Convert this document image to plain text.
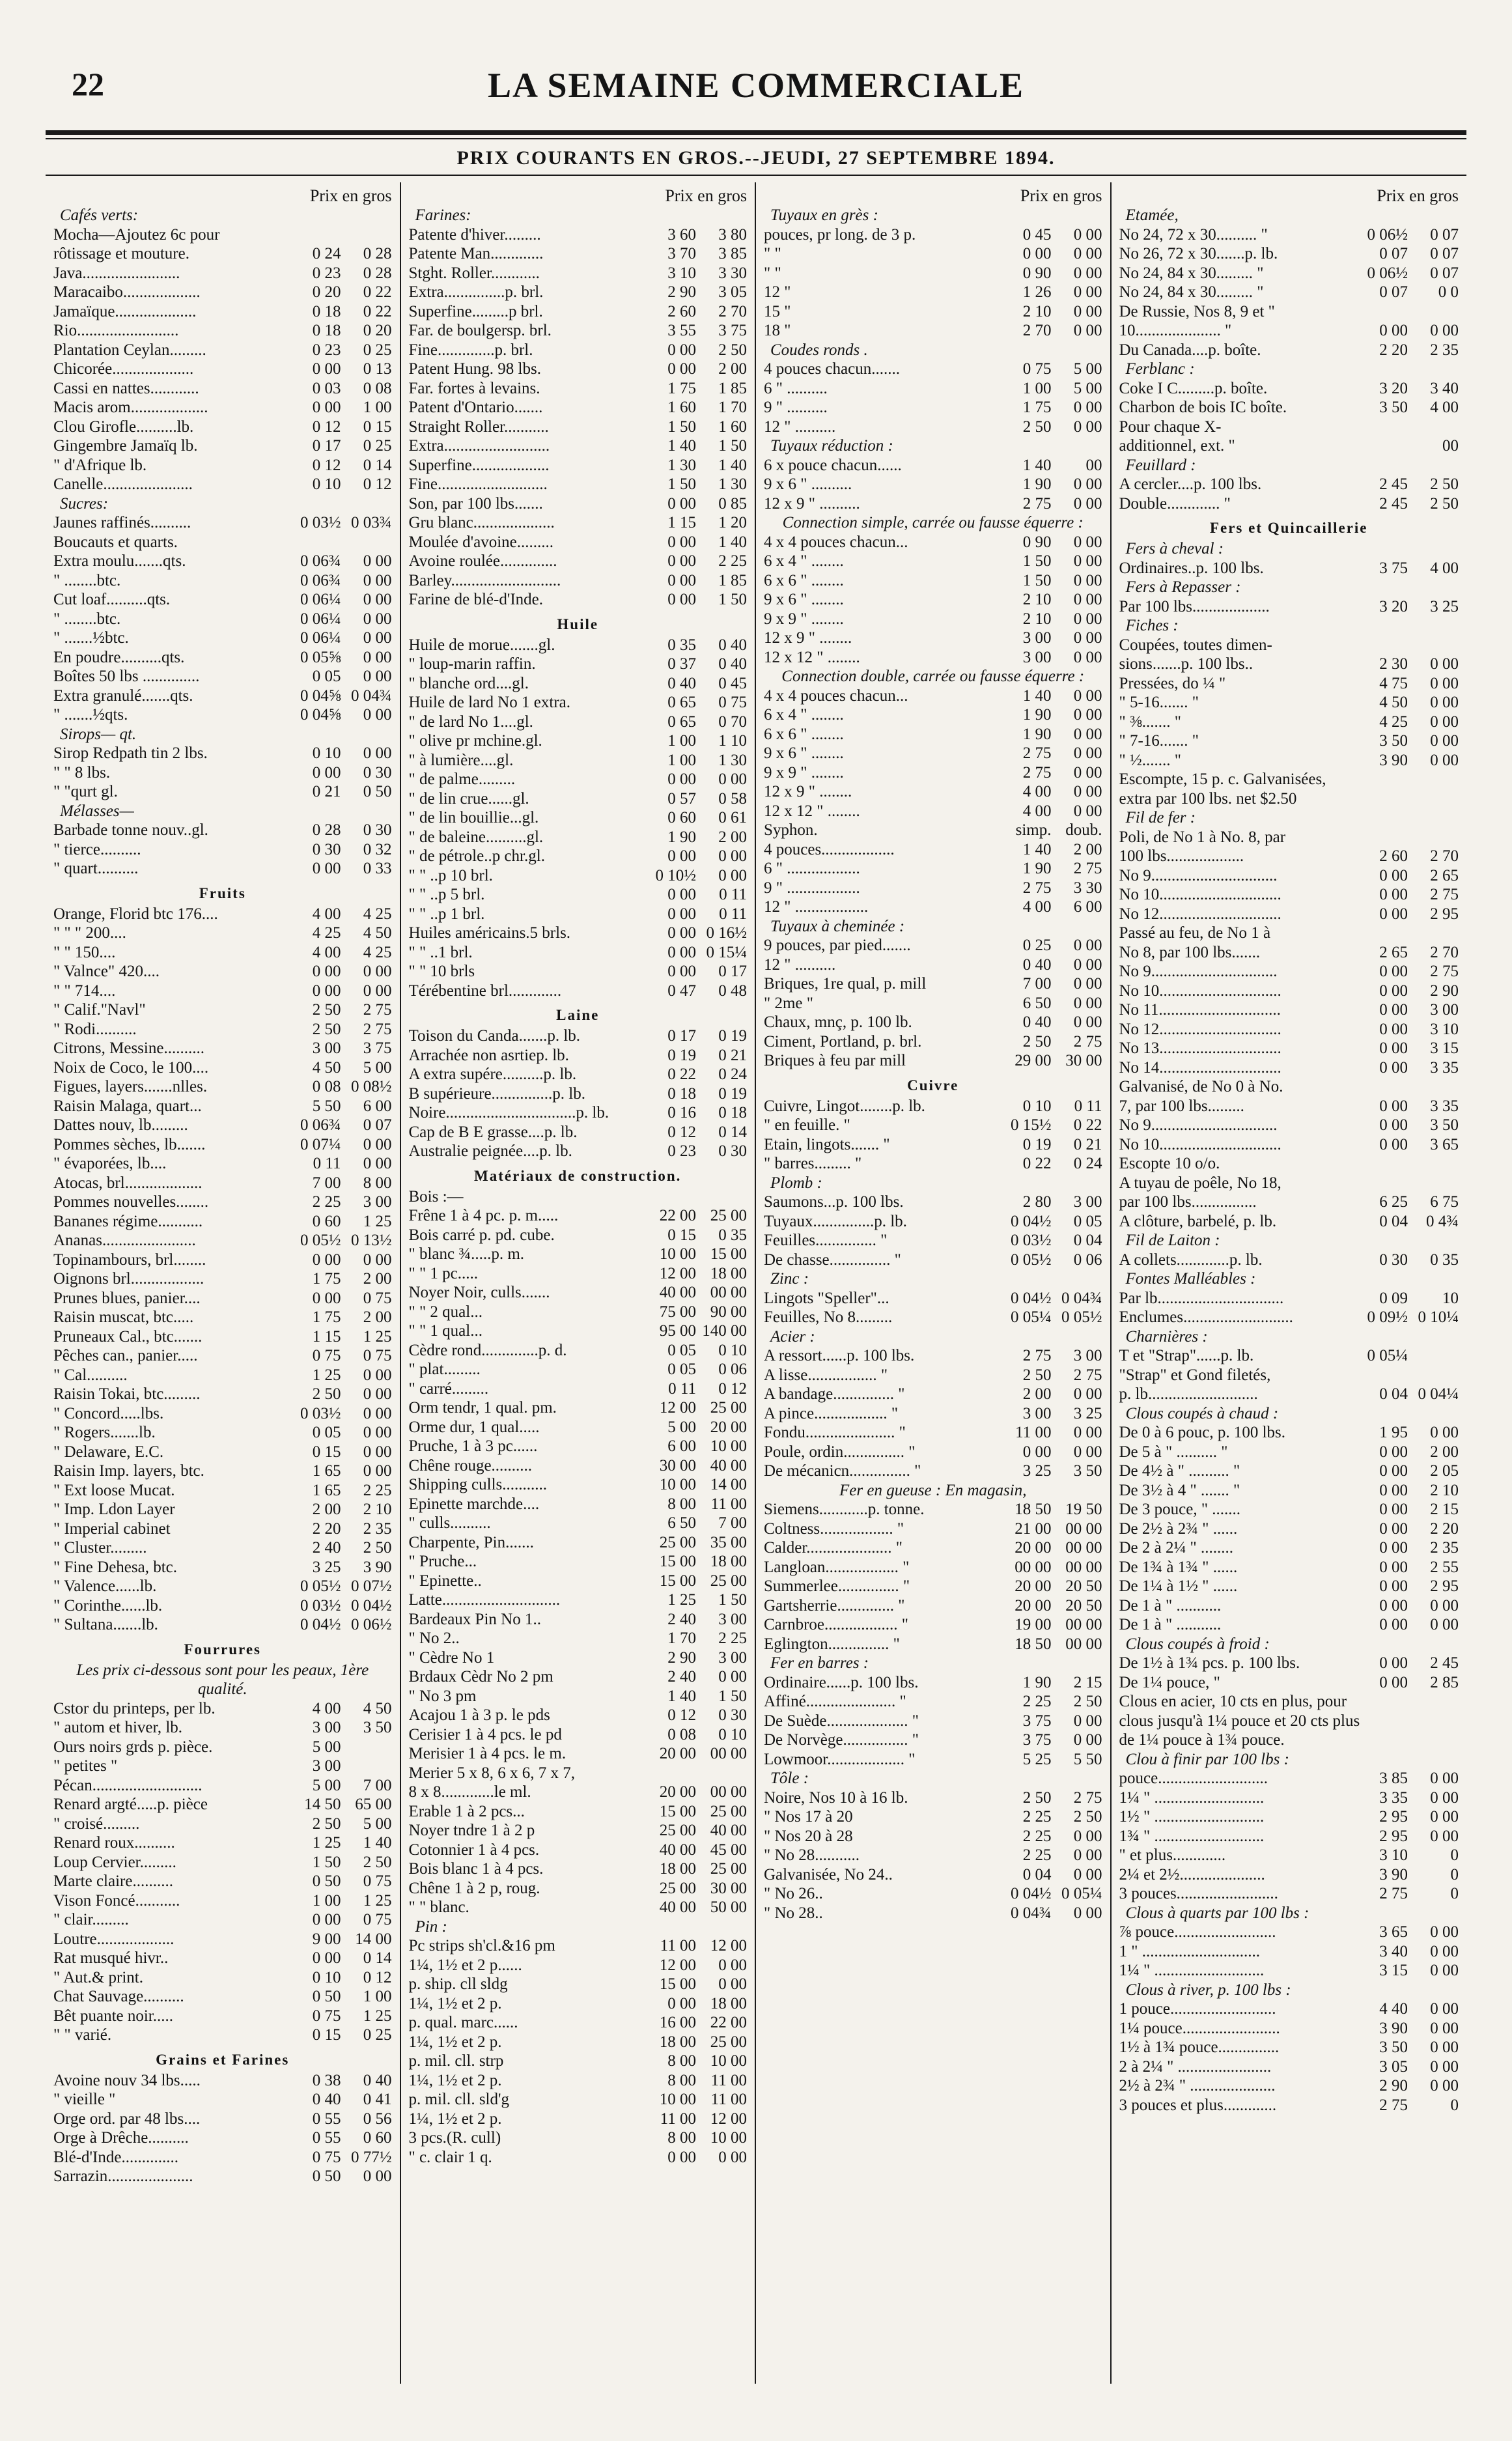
22	LA SEMAINE COMMERCIALE
PRIX COURANTS EN GROS.--JEUDI, 27 SEPTEMBRE 1894.
Prix en gros
Cafés verts:
Mocha—Ajoutez 6c pour
rôtissage et mouture.	0 24	0 28
Java........................	0 23	0 28
Maracaibo...................	0 20	0 22
Jamaïque....................	0 18	0 22
Rio.........................	0 18	0 20
Plantation Ceylan.........	0 23	0 25
Chicorée....................	0 00	0 13
Cassi en nattes............	0 03	0 08
Macis arom...................	0 00	1 00
Clou Girofle..........lb.	0 12	0 15
Gingembre Jamaïq lb.	0 17	0 25
" d'Afrique lb.	0 12	0 14
Canelle......................	0 10	0 12
Sucres:
Jaunes raffinés..........	0 03½ 0 03¾
Boucauts et quarts.
Extra moulu.......qts.	0 06¾	0 00
" ........btc.	0 06¾	0 00
Cut loaf..........qts.	0 06¼	0 00
" ........btc.	0 06¼	0 00
" .......½btc.	0 06¼	0 00
En poudre..........qts.	0 05⅝	0 00
Boîtes 50 lbs ..............	0 05	0 00
Extra granulé.......qts.	0 04⅝ 0 04¾
" .......½qts.	0 04⅝	0 00
Sirops— qt.
Sirop Redpath tin 2 lbs.	0 10	0 00
" " 8 lbs.	0 00	0 30
" "qurt gl.	0 21	0 50
Mélasses—
Barbade tonne nouv..gl.	0 28	0 30
" tierce..........	0 30	0 32
" quart..........	0 00	0 33
Fruits
Orange, Florid btc 176....	4 00	4 25
" " " 200....	4 25	4 50
" " 150....	4 00	4 25
" Valnce" 420....	0 00	0 00
" " 714....	0 00	0 00
" Calif."Navl"	2 50	2 75
" Rodi..........	2 50	2 75
Citrons, Messine..........	3 00	3 75
Noix de Coco, le 100....	4 50	5 00
Figues, layers.......nlles.	0 08 0 08½
Raisin Malaga, quart...	5 50	6 00
Dattes nouv, lb.........	0 06¾	0 07
Pommes sèches, lb.......	0 07¼	0 00
" évaporées, lb....	0 11	0 00
Atocas, brl...................	7 00	8 00
Pommes nouvelles........	2 25	3 00
Bananes régime...........	0 60	1 25
Ananas.......................	0 05½ 0 13½
Topinambours, brl........	0 00	0 00
Oignons brl..................	1 75	2 00
Prunes blues, panier....	0 00	0 75
Raisin muscat, btc.....	1 75	2 00
Pruneaux Cal., btc.......	1 15	1 25
Pêches can., panier.....	0 75	0 75
" Cal..........	1 25	0 00
Raisin Tokai, btc.........	2 50	0 00
" Concord.....lbs.	0 03½	0 00
" Rogers.......lb.	0 05	0 00
" Delaware, E.C.	0 15	0 00
Raisin Imp. layers, btc.	1 65	0 00
" Ext loose Mucat.	1 65	2 25
" Imp. Ldon Layer	2 00	2 10
" Imperial cabinet	2 20	2 35
" Cluster.........	2 40	2 50
" Fine Dehesa, btc.	3 25	3 90
" Valence......lb.	0 05½ 0 07½
" Corinthe......lb.	0 03½ 0 04½
" Sultana.......lb.	0 04½ 0 06½
Fourrures
Les prix ci-dessous sont pour les peaux, 1ère qualité.
Cstor du printeps, per lb.	4 00	4 50
" autom et hiver, lb.	3 00	3 50
Ours noirs grds p. pièce.	5 00
" petites "	3 00
Pécan...........................	5 00	7 00
Renard argté.....p. pièce	14 50 65 00
" croisé.........	2 50	5 00
Renard roux..........	1 25	1 40
Loup Cervier.........	1 50	2 50
Marte claire..........	0 50	0 75
Vison Foncé...........	1 00	1 25
" clair.........	0 00	0 75
Loutre...................	9 00 14 00
Rat musqué hivr..	0 00	0 14
" Aut.& print.	0 10	0 12
Chat Sauvage..........	0 50	1 00
Bêt puante noir.....	0 75	1 25
" " varié.	0 15	0 25
Grains et Farines
Avoine nouv 34 lbs.....	0 38	0 40
" vieille "	0 40	0 41
Orge ord. par 48 lbs....	0 55	0 56
Orge à Drêche..........	0 55	0 60
Blé-d'Inde..............	0 75 0 77½
Sarrazin.....................	0 50	0 00
Prix en gros
Farines:
Patente d'hiver.........	3 60	3 80
Patente Man.............	3 70	3 85
Stght. Roller............	3 10	3 30
Extra...............p. brl.	2 90	3 05
Superfine.........p brl.	2 60	2 70
Far. de boulgersp. brl.	3 55	3 75
Fine..............p. brl.	0 00	2 50
Patent Hung. 98 lbs.	0 00	2 00
Far. fortes à levains.	1 75	1 85
Patent d'Ontario.......	1 60	1 70
Straight Roller...........	1 50	1 60
Extra..........................	1 40	1 50
Superfine...................	1 30	1 40
Fine...........................	1 50	1 30
Son, par 100 lbs.......	0 00	0 85
Gru blanc....................	1 15	1 20
Moulée d'avoine.........	0 00	1 40
Avoine roulée..............	0 00	2 25
Barley...........................	0 00	1 85
Farine de blé-d'Inde.	0 00	1 50
Huile
Huile de morue.......gl.	0 35	0 40
" loup-marin raffin.	0 37	0 40
" blanche ord....gl.	0 40	0 45
Huile de lard No 1 extra.	0 65	0 75
" de lard No 1....gl.	0 65	0 70
" olive pr mchine.gl.	1 00	1 10
" à lumière....gl.	1 00	1 30
" de palme.........	0 00	0 00
" de lin crue......gl.	0 57	0 58
" de lin bouillie...gl.	0 60	0 61
" de baleine..........gl.	1 90	2 00
" de pétrole..p chr.gl.	0 00	0 00
" " ..p 10 brl.	0 10½	0 00
" " ..p 5 brl.	0 00	0 11
" " ..p 1 brl.	0 00	0 11
Huiles américains.5 brls.	0 00 0 16½
" " ..1 brl.	0 00 0 15¼
" " 10 brls	0 00	0 17
Térébentine brl.............	0 47	0 48
Laine
Toison du Canda.......p. lb.	0 17	0 19
Arrachée non asrtiep. lb.	0 19	0 21
A extra supére..........p. lb.	0 22	0 24
B supérieure...............p. lb.	0 18	0 19
Noire................................p. lb.	0 16	0 18
Cap de B E grasse....p. lb.	0 12	0 14
Australie peignée....p. lb.	0 23	0 30
Matériaux de construction.
Bois :—
Frêne 1 à 4 pc. p. m.....	22 00 25 00
Bois carré p. pd. cube.	0 15	0 35
" blanc ¾.....p. m.	10 00 15 00
" " 1 pc.....	12 00 18 00
Noyer Noir, culls.......	40 00 00 00
" " 2 qual...	75 00 90 00
" " 1 qual...	95 00 140 00
Cèdre rond..............p. d.	0 05	0 10
" plat.........	0 05	0 06
" carré.........	0 11	0 12
Orm tendr, 1 qual. pm.	12 00 25 00
Orme dur, 1 qual.....	5 00 20 00
Pruche, 1 à 3 pc......	6 00 10 00
Chêne rouge..........	30 00 40 00
Shipping culls...........	10 00 14 00
Epinette marchde....	8 00 11 00
" culls..........	6 50	7 00
Charpente, Pin.......	25 00 35 00
" Pruche...	15 00 18 00
" Epinette..	15 00 25 00
Latte.............................	1 25	1 50
Bardeaux Pin No 1..	2 40	3 00
" No 2..	1 70	2 25
" Cèdre No 1	2 90	3 00
Brdaux Cèdr No 2 pm	2 40	0 00
" No 3 pm	1 40	1 50
Acajou 1 à 3 p. le pds	0 12	0 30
Cerisier 1 à 4 pcs. le pd	0 08	0 10
Merisier 1 à 4 pcs. le m.	20 00 00 00
Merier 5 x 8, 6 x 6, 7 x 7,
8 x 8.............le ml.	20 00 00 00
Erable 1 à 2 pcs...	15 00 25 00
Noyer tndre 1 à 2 p	25 00 40 00
Cotonnier 1 à 4 pcs.	40 00 45 00
Bois blanc 1 à 4 pcs.	18 00 25 00
Chêne 1 à 2 p, roug.	25 00 30 00
" " blanc.	40 00 50 00
Pin :
Pc strips sh'cl.&16 pm	11 00 12 00
1¼, 1½ et 2 p......	12 00	0 00
p. ship. cll sldg	15 00	0 00
1¼, 1½ et 2 p.	0 00 18 00
p. qual. marc......	16 00 22 00
1¼, 1½ et 2 p.	18 00 25 00
p. mil. cll. strp	8 00 10 00
1¼, 1½ et 2 p.	8 00 11 00
p. mil. cll. sld'g	10 00 11 00
1¼, 1½ et 2 p.	11 00 12 00
3 pcs.(R. cull)	8 00 10 00
" c. clair 1 q.	0 00	0 00
Prix en gros
Tuyaux en grès :
pouces, pr long. de 3 p.	0 45	0 00
" "	0 00	0 00
" "	0 90	0 00
12 "	1 26	0 00
15 "	2 10	0 00
18 "	2 70	0 00
Coudes ronds .
4 pouces chacun.......	0 75	5 00
6 " ..........	1 00	5 00
9 " ..........	1 75	0 00
12 " ..........	2 50	0 00
Tuyaux réduction :
6 x pouce chacun......	1 40	00
9 x 6 " ..........	1 90	0 00
12 x 9 " ..........	2 75	0 00
Connection simple, carrée ou fausse équerre :
4 x 4 pouces chacun...	0 90	0 00
6 x 4 " ........	1 50	0 00
6 x 6 " ........	1 50	0 00
9 x 6 " ........	2 10	0 00
9 x 9 " ........	2 10	0 00
12 x 9 " ........	3 00	0 00
12 x 12 " ........	3 00	0 00
Connection double, carrée ou fausse équerre :
4 x 4 pouces chacun...	1 40	0 00
6 x 4 " ........	1 90	0 00
6 x 6 " ........	1 90	0 00
9 x 6 " ........	2 75	0 00
9 x 9 " ........	2 75	0 00
12 x 9 " ........	4 00	0 00
12 x 12 " ........	4 00	0 00
Syphon.	simp. doub.
4 pouces..................	1 40	2 00
6 " ..................	1 90	2 75
9 " ..................	2 75	3 30
12 " ..................	4 00	6 00
Tuyaux à cheminée :
9 pouces, par pied.......	0 25	0 00
12 " ..........	0 40	0 00
Briques, 1re qual, p. mill	7 00	0 00
" 2me "	6 50	0 00
Chaux, mnç, p. 100 lb.	0 40	0 00
Ciment, Portland, p. brl.	2 50	2 75
Briques à feu par mill	29 00 30 00
Cuivre
Cuivre, Lingot........p. lb.	0 10	0 11
" en feuille. "	0 15½	0 22
Etain, lingots....... "	0 19	0 21
" barres......... "	0 22	0 24
Plomb :
Saumons...p. 100 lbs.	2 80	3 00
Tuyaux...............p. lb.	0 04½	0 05
Feuilles............... "	0 03½	0 04
De chasse............... "	0 05½	0 06
Zinc :
Lingots "Speller"...	0 04½ 0 04¾
Feuilles, No 8.........	0 05¼ 0 05½
Acier :
A ressort......p. 100 lbs.	2 75	3 00
A lisse................. "	2 50	2 75
A bandage............... "	2 00	0 00
A pince.................. "	3 00	3 25
Fondu...................... "	11 00	0 00
Poule, ordin............... "	0 00	0 00
De mécanicn............... "	3 25	3 50
Fer en gueuse : En magasin,
Siemens............p. tonne.	18 50 19 50
Coltness.................. "	21 00 00 00
Calder..................... "	20 00 00 00
Langloan.................. "	00 00 00 00
Summerlee............... "	20 00 20 50
Gartsherrie.............. "	20 00 20 50
Carnbroe.................. "	19 00 00 00
Eglington............... "	18 50 00 00
Fer en barres :
Ordinaire......p. 100 lbs.	1 90	2 15
Affiné...................... "	2 25	2 50
De Suède.................... "	3 75	0 00
De Norvège................ "	3 75	0 00
Lowmoor................... "	5 25	5 50
Tôle :
Noire, Nos 10 à 16 lb.	2 50	2 75
" Nos 17 à 20	2 25	2 50
" Nos 20 à 28	2 25	0 00
" No 28...........	2 25	0 00
Galvanisée, No 24..	0 04	0 00
" No 26..	0 04½ 0 05¼
" No 28..	0 04¾	0 00
Prix en gros
Etamée,
No 24, 72 x 30.......... "	0 06½	0 07
No 26, 72 x 30.......p. lb.	0 07	0 07
No 24, 84 x 30......... "	0 06½	0 07
No 24, 84 x 30......... "	0 07	0 0
De Russie, Nos 8, 9 et "
10..................... "	0 00	0 00
Du Canada....p. boîte.	2 20	2 35
Ferblanc :
Coke I C.........p. boîte.	3 20	3 40
Charbon de bois IC boîte.	3 50	4 00
Pour chaque X-
additionnel, ext. "	00
Feuillard :
A cercler....p. 100 lbs.	2 45	2 50
Double............. "	2 45	2 50
Fers et Quincaillerie
Fers à cheval :
Ordinaires..p. 100 lbs.	3 75	4 00
Fers à Repasser :
Par 100 lbs...................	3 20	3 25
Fiches :
Coupées, toutes dimen-
sions.......p. 100 lbs..	2 30	0 00
Pressées, do ¼ "	4 75	0 00
" 5-16....... "	4 50	0 00
" ⅜....... "	4 25	0 00
" 7-16....... "	3 50	0 00
" ½....... "	3 90	0 00
Escompte, 15 p. c. Galvanisées,
extra par 100 lbs. net $2.50
Fil de fer :
Poli, de No 1 à No. 8, par
100 lbs...................	2 60	2 70
No 9...............................	0 00	2 65
No 10..............................	0 00	2 75
No 12..............................	0 00	2 95
Passé au feu, de No 1 à
No 8, par 100 lbs.......	2 65	2 70
No 9...............................	0 00	2 75
No 10..............................	0 00	2 90
No 11..............................	0 00	3 00
No 12..............................	0 00	3 10
No 13..............................	0 00	3 15
No 14..............................	0 00	3 35
Galvanisé, de No 0 à No.
7, par 100 lbs.........	0 00	3 35
No 9...............................	0 00	3 50
No 10..............................	0 00	3 65
Escopte 10 o/o.
A tuyau de poêle, No 18,
par 100 lbs................	6 25	6 75
A clôture, barbelé, p. lb.	0 04	0 4¾
Fil de Laiton :
A collets.............p. lb.	0 30	0 35
Fontes Malléables :
Par lb...............................	0 09	10
Enclumes...........................	0 09½ 0 10¼
Charnières :
T et "Strap"......p. lb.	0 05¼
"Strap" et Gond filetés,
p. lb...........................	0 04 0 04¼
Clous coupés à chaud :
De 0 à 6 pouc, p. 100 lbs.	1 95	0 00
De 5 à " .......... "	0 00	2 00
De 4½ à " .......... "	0 00	2 05
De 3½ à 4 " ....... "	0 00	2 10
De 3 pouce, " .......	0 00	2 15
De 2½ à 2¾ " ......	0 00	2 20
De 2 à 2¼ " ........	0 00	2 35
De 1¾ à 1¾ " ......	0 00	2 55
De 1¼ à 1½ " ......	0 00	2 95
De 1 à " ...........	0 00	0 00
De 1 à " ...........	0 00	0 00
Clous coupés à froid :
De 1½ à 1¾ pcs. p. 100 lbs.	0 00	2 45
De 1¼ pouce, "	0 00	2 85
Clous en acier, 10 cts en plus, pour
clous jusqu'à 1¼ pouce et 20 cts plus
de 1¼ pouce à 1¾ pouce.
Clou à finir par 100 lbs :
pouce...........................	3 85	0 00
1¼ " ...........................	3 35	0 00
1½ " ...........................	2 95	0 00
1¾ " ...........................	2 95	0 00
" et plus.............	3 10	0
2¼ et 2½.....................	3 90	0
3 pouces.........................	2 75	0
Clous à quarts par 100 lbs :
⅞ pouce.........................	3 65	0 00
1 " .............................	3 40	0 00
1¼ " ...........................	3 15	0 00
Clous à river, p. 100 lbs :
1 pouce..........................	4 40	0 00
1¼ pouce........................	3 90	0 00
1½ à 1¾ pouce...............	3 50	0 00
2 à 2¼ " .......................	3 05	0 00
2½ à 2¾ " .....................	2 90	0 00
3 pouces et plus.............	2 75	0
